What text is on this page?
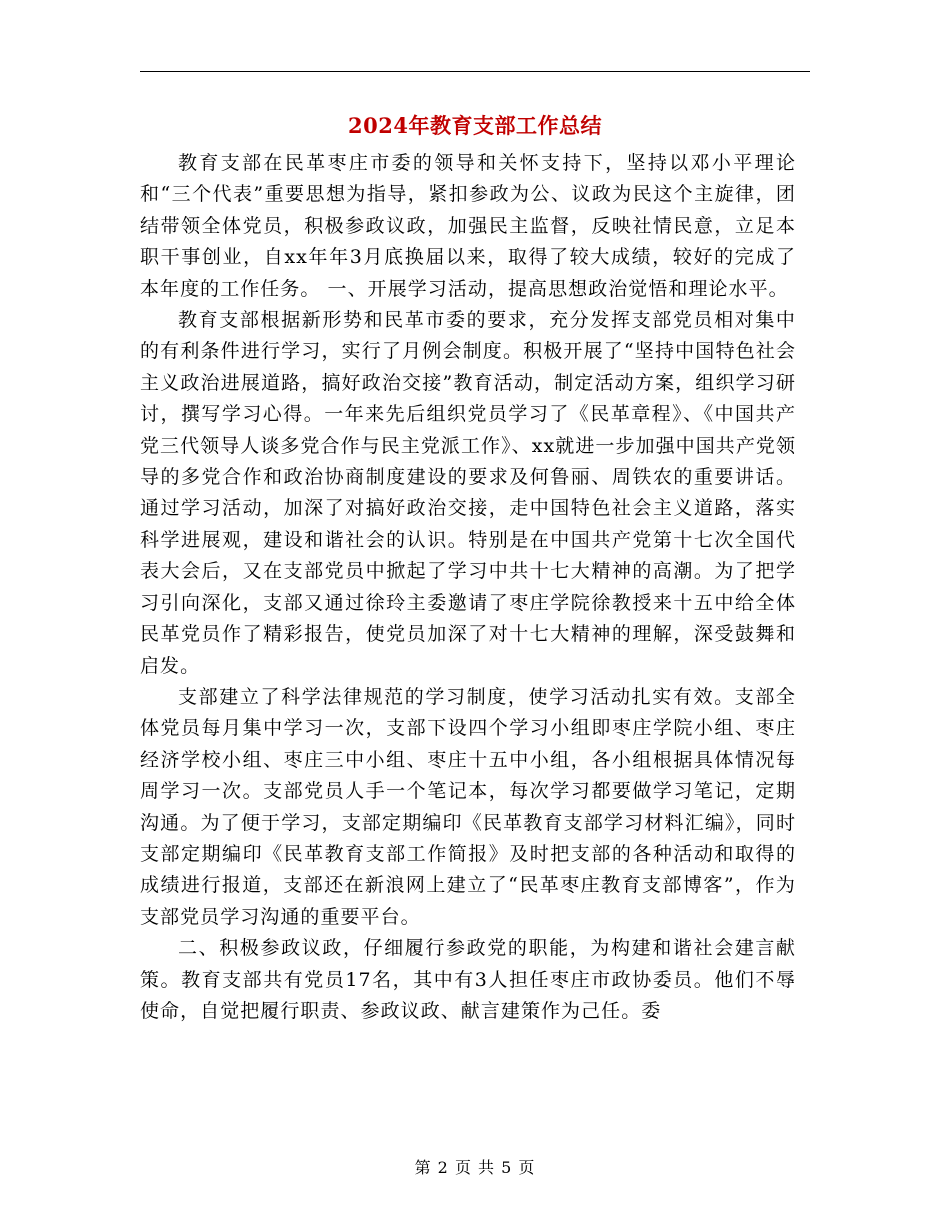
2024年教育支部工作总结

教育支部在民革枣庄市委的领导和关怀支持下，坚持以邓小平理论和“三个代表”重要思想为指导，紧扣参政为公、议政为民这个主旋律，团结带领全体党员，积极参政议政，加强民主监督，反映社情民意，立足本职干事创业，自xx年年3月底换届以来，取得了较大成绩，较好的完成了本年度的工作任务。 一、开展学习活动，提高思想政治觉悟和理论水平。

教育支部根据新形势和民革市委的要求，充分发挥支部党员相对集中的有利条件进行学习，实行了月例会制度。积极开展了“坚持中国特色社会主义政治进展道路，搞好政治交接”教育活动，制定活动方案，组织学习研讨，撰写学习心得。一年来先后组织党员学习了《民革章程》、《中国共产党三代领导人谈多党合作与民主党派工作》、xx就进一步加强中国共产党领导的多党合作和政治协商制度建设的要求及何鲁丽、周铁农的重要讲话。通过学习活动，加深了对搞好政治交接，走中国特色社会主义道路，落实科学进展观，建设和谐社会的认识。特别是在中国共产党第十七次全国代表大会后，又在支部党员中掀起了学习中共十七大精神的高潮。为了把学习引向深化，支部又通过徐玲主委邀请了枣庄学院徐教授来十五中给全体民革党员作了精彩报告，使党员加深了对十七大精神的理解，深受鼓舞和启发。

支部建立了科学法律规范的学习制度，使学习活动扎实有效。支部全体党员每月集中学习一次，支部下设四个学习小组即枣庄学院小组、枣庄经济学校小组、枣庄三中小组、枣庄十五中小组，各小组根据具体情况每周学习一次。支部党员人手一个笔记本，每次学习都要做学习笔记，定期沟通。为了便于学习，支部定期编印《民革教育支部学习材料汇编》，同时支部定期编印《民革教育支部工作简报》及时把支部的各种活动和取得的成绩进行报道，支部还在新浪网上建立了“民革枣庄教育支部博客”，作为支部党员学习沟通的重要平台。

二、积极参政议政，仔细履行参政党的职能，为构建和谐社会建言献策。教育支部共有党员17名，其中有3人担任枣庄市政协委员。他们不辱使命，自觉把履行职责、参政议政、献言建策作为己任。委

第 2 页 共 5 页
